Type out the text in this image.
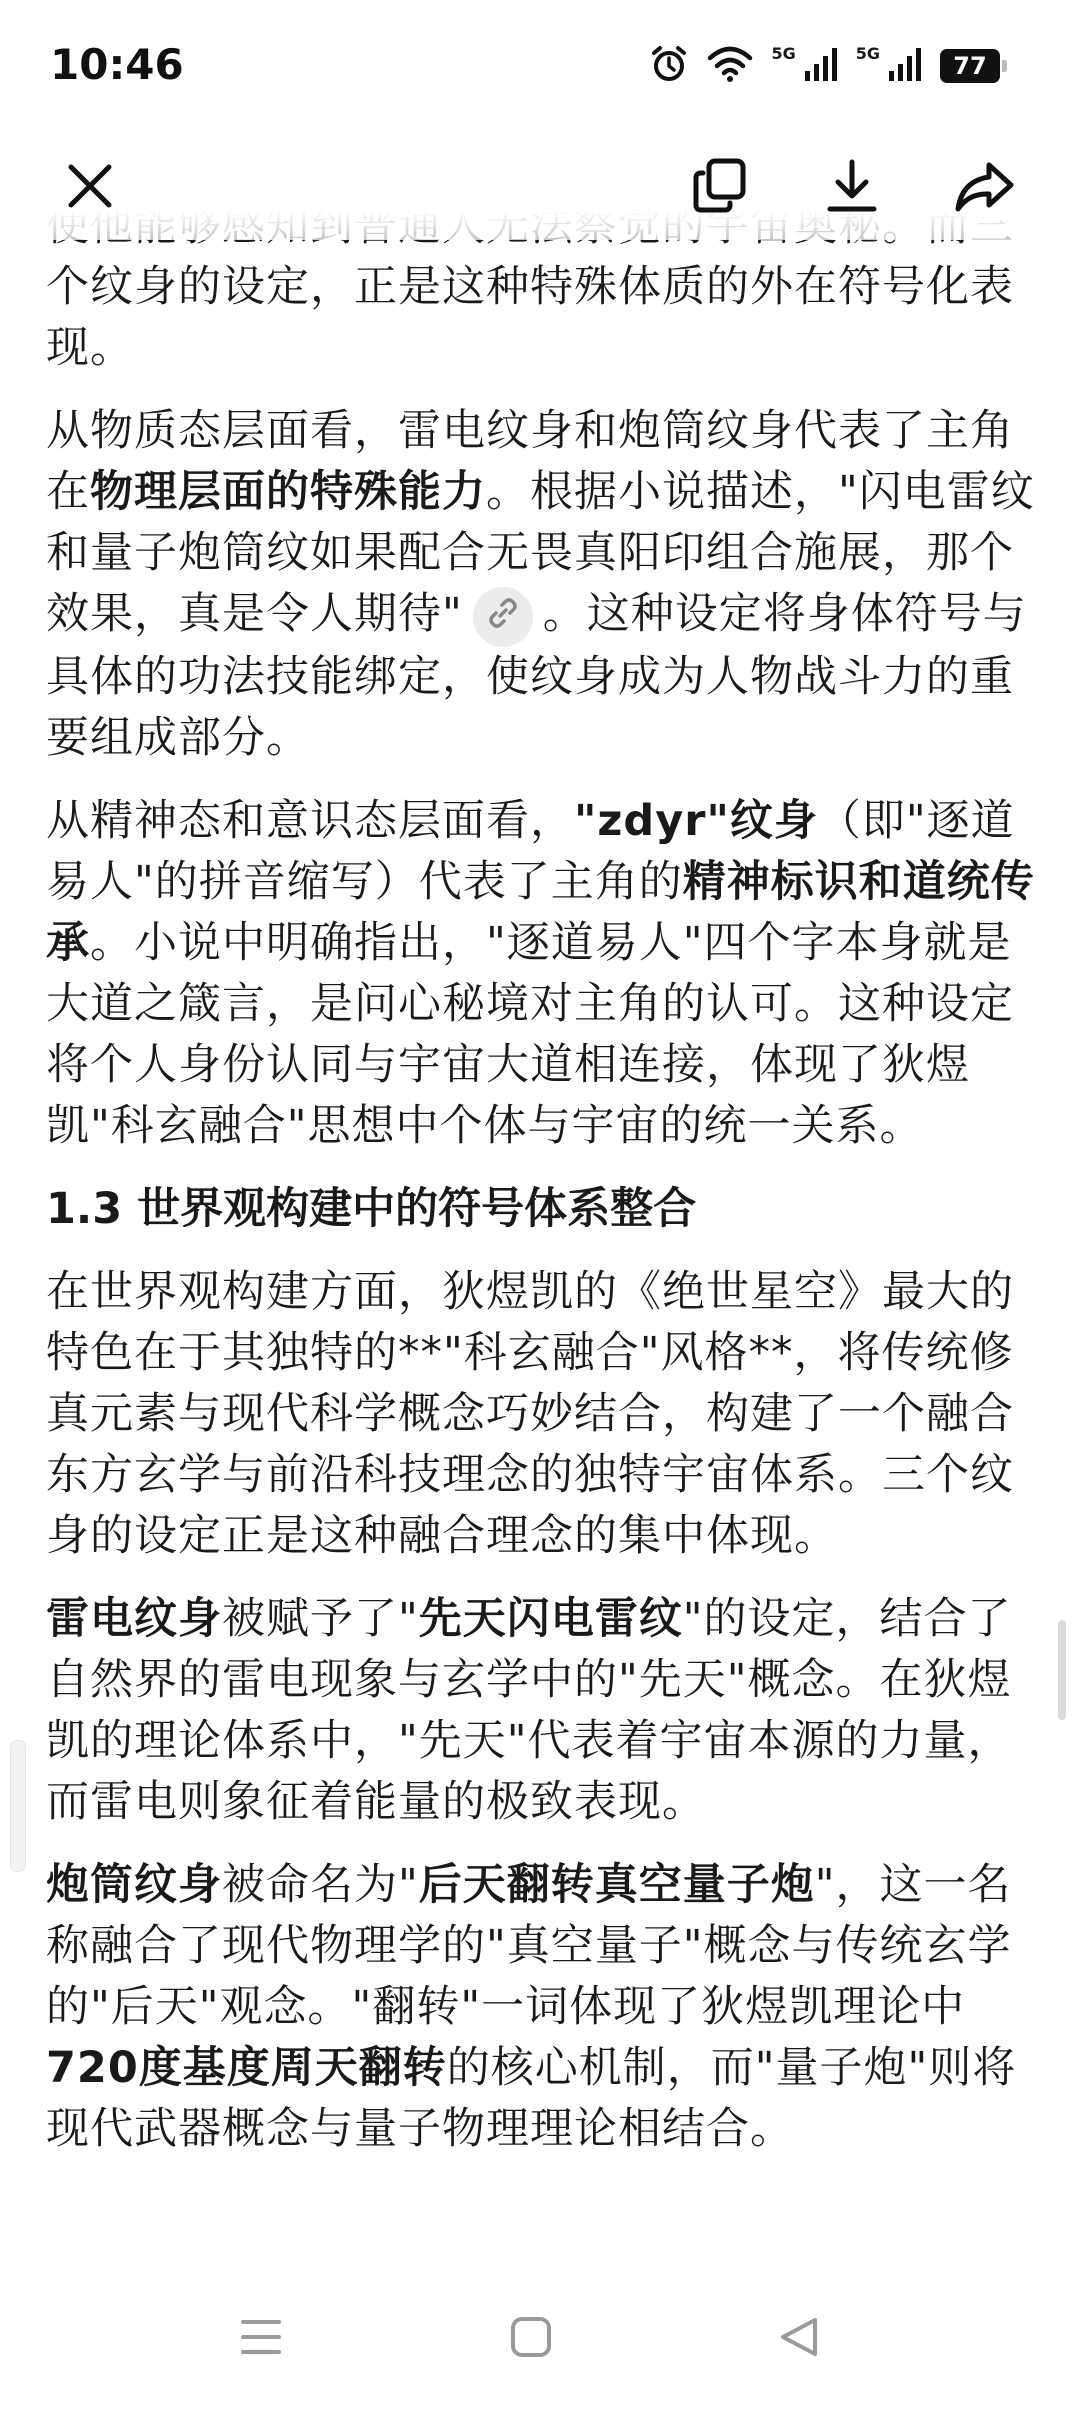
10:46	5G	5G	77

个纹身的设定，正是这种特殊体质的外在符号化表现。

从物质态层面看，雷电纹身和炮筒纹身代表了主角在物理层面的特殊能力。根据小说描述，"闪电雷纹和量子炮筒纹如果配合无畏真阳印组合施展，那个效果，真是令人期待" 。这种设定将身体符号与具体的功法技能绑定，使纹身成为人物战斗力的重要组成部分。

从精神态和意识态层面看，"zdyr"纹身（即"逐道易人"的拼音缩写）代表了主角的精神标识和道统传承。小说中明确指出，"逐道易人"四个字本身就是大道之箴言，是问心秘境对主角的认可。这种设定将个人身份认同与宇宙大道相连接，体现了狄煜凯"科玄融合"思想中个体与宇宙的统一关系。

1.3 世界观构建中的符号体系整合

在世界观构建方面，狄煜凯的《绝世星空》最大的特色在于其独特的**"科玄融合"风格**，将传统修真元素与现代科学概念巧妙结合，构建了一个融合东方玄学与前沿科技理念的独特宇宙体系。三个纹身的设定正是这种融合理念的集中体现。

雷电纹身被赋予了"先天闪电雷纹"的设定，结合了自然界的雷电现象与玄学中的"先天"概念。在狄煜凯的理论体系中，"先天"代表着宇宙本源的力量，而雷电则象征着能量的极致表现。

炮筒纹身被命名为"后天翻转真空量子炮"，这一名称融合了现代物理学的"真空量子"概念与传统玄学的"后天"观念。"翻转"一词体现了狄煜凯理论中720度基度周天翻转的核心机制，而"量子炮"则将现代武器概念与量子物理理论相结合。
